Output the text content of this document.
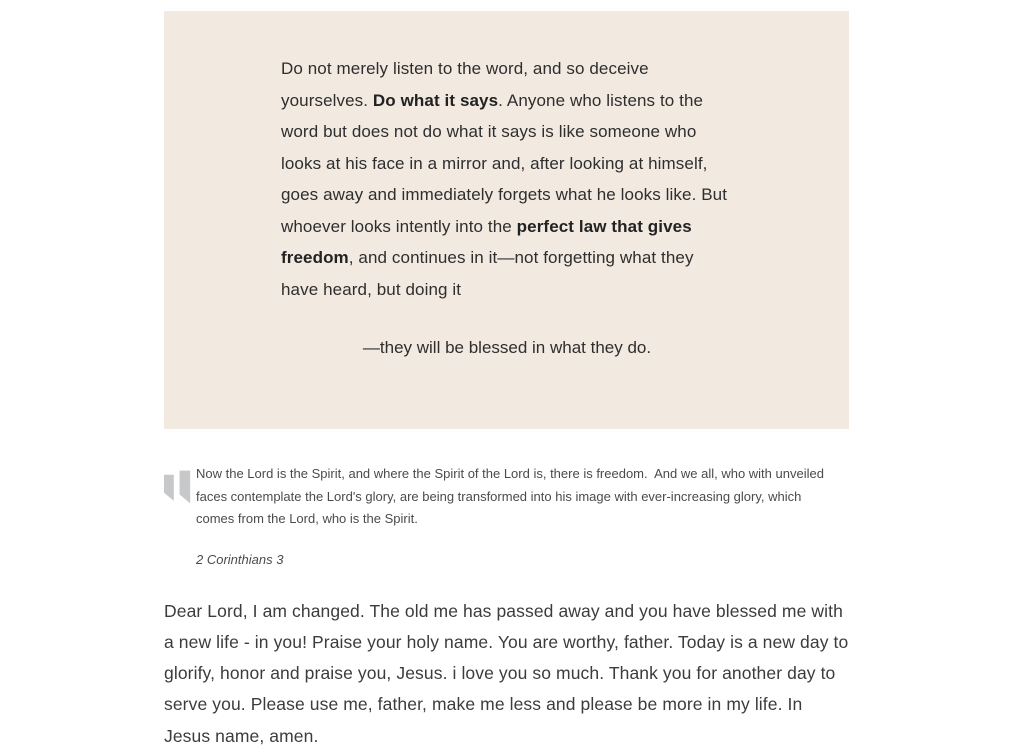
Do not merely listen to the word, and so deceive yourselves. Do what it says. Anyone who listens to the word but does not do what it says is like someone who looks at his face in a mirror and, after looking at himself, goes away and immediately forgets what he looks like. But whoever looks intently into the perfect law that gives freedom, and continues in it—not forgetting what they have heard, but doing it

—they will be blessed in what they do.

Now the Lord is the Spirit, and where the Spirit of the Lord is, there is freedom.  And we all, who with unveiled faces contemplate the Lord's glory, are being transformed into his image with ever-increasing glory, which comes from the Lord, who is the Spirit.

2 Corinthians 3

Dear Lord, I am changed. The old me has passed away and you have blessed me with a new life - in you! Praise your holy name. You are worthy, father. Today is a new day to glorify, honor and praise you, Jesus. i love you so much. Thank you for another day to serve you. Please use me, father, make me less and please be more in my life. In Jesus name, amen.
